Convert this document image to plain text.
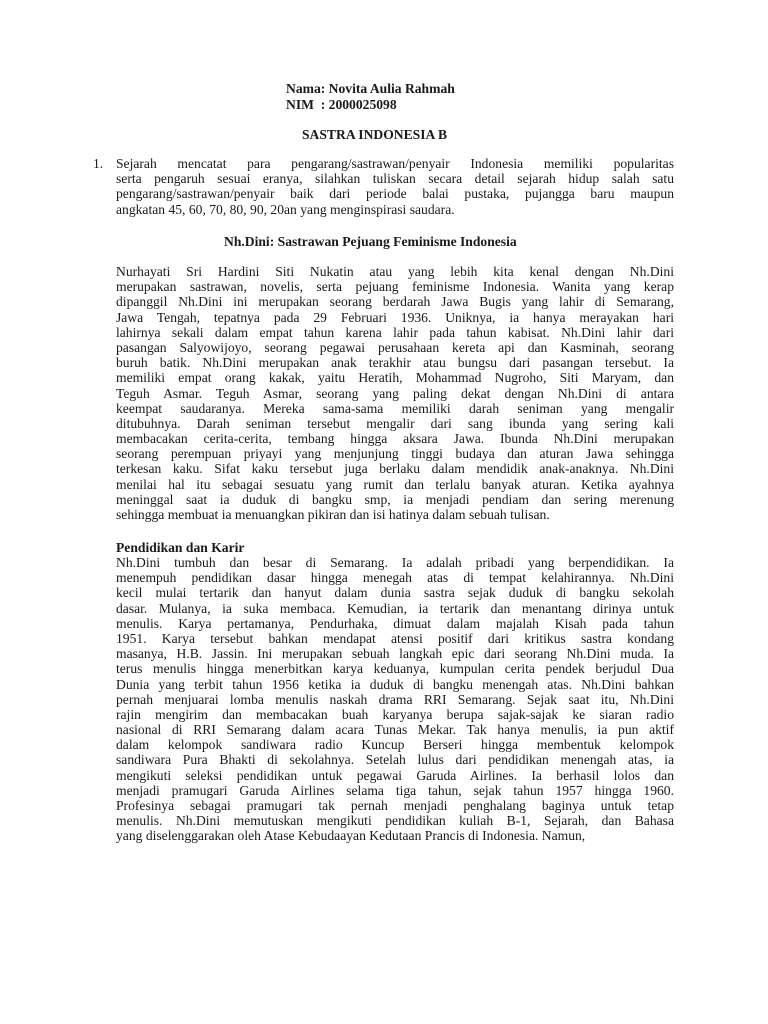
Nama: Novita Aulia Rahmah
NIM  : 2000025098
SASTRA INDONESIA B
1. Sejarah mencatat para pengarang/sastrawan/penyair Indonesia memiliki popularitas
serta pengaruh sesuai eranya, silahkan tuliskan secara detail sejarah hidup salah satu
pengarang/sastrawan/penyair baik dari periode balai pustaka, pujangga baru maupun
angkatan 45, 60, 70, 80, 90, 20an yang menginspirasi saudara.
Nh.Dini: Sastrawan Pejuang Feminisme Indonesia
Nurhayati Sri Hardini Siti Nukatin atau yang lebih kita kenal dengan Nh.Dini
merupakan sastrawan, novelis, serta pejuang feminisme Indonesia. Wanita yang kerap
dipanggil Nh.Dini ini merupakan seorang berdarah Jawa Bugis yang lahir di Semarang,
Jawa Tengah, tepatnya pada 29 Februari 1936. Uniknya, ia hanya merayakan hari
lahirnya sekali dalam empat tahun karena lahir pada tahun kabisat. Nh.Dini lahir dari
pasangan Salyowijoyo, seorang pegawai perusahaan kereta api dan Kasminah, seorang
buruh batik. Nh.Dini merupakan anak terakhir atau bungsu dari pasangan tersebut. Ia
memiliki empat orang kakak, yaitu Heratih, Mohammad Nugroho, Siti Maryam, dan
Teguh Asmar. Teguh Asmar, seorang yang paling dekat dengan Nh.Dini di antara
keempat saudaranya. Mereka sama-sama memiliki darah seniman yang mengalir
ditubuhnya. Darah seniman tersebut mengalir dari sang ibunda yang sering kali
membacakan cerita-cerita, tembang hingga aksara Jawa. Ibunda Nh.Dini merupakan
seorang perempuan priyayi yang menjunjung tinggi budaya dan aturan Jawa sehingga
terkesan kaku. Sifat kaku tersebut juga berlaku dalam mendidik anak-anaknya. Nh.Dini
menilai hal itu sebagai sesuatu yang rumit dan terlalu banyak aturan. Ketika ayahnya
meninggal saat ia duduk di bangku smp, ia menjadi pendiam dan sering merenung
sehingga membuat ia menuangkan pikiran dan isi hatinya dalam sebuah tulisan.
Pendidikan dan Karir
Nh.Dini tumbuh dan besar di Semarang. Ia adalah pribadi yang berpendidikan. Ia
menempuh pendidikan dasar hingga menegah atas di tempat kelahirannya. Nh.Dini
kecil mulai tertarik dan hanyut dalam dunia sastra sejak duduk di bangku sekolah
dasar. Mulanya, ia suka membaca. Kemudian, ia tertarik dan menantang dirinya untuk
menulis. Karya pertamanya, Pendurhaka, dimuat dalam majalah Kisah pada tahun
1951. Karya tersebut bahkan mendapat atensi positif dari kritikus sastra kondang
masanya, H.B. Jassin. Ini merupakan sebuah langkah epic dari seorang Nh.Dini muda. Ia
terus menulis hingga menerbitkan karya keduanya, kumpulan cerita pendek berjudul Dua
Dunia yang terbit tahun 1956 ketika ia duduk di bangku menengah atas. Nh.Dini bahkan
pernah menjuarai lomba menulis naskah drama RRI Semarang. Sejak saat itu, Nh.Dini
rajin mengirim dan membacakan buah karyanya berupa sajak-sajak ke siaran radio
nasional di RRI Semarang dalam acara Tunas Mekar. Tak hanya menulis, ia pun aktif
dalam kelompok sandiwara radio Kuncup Berseri hingga membentuk kelompok
sandiwara Pura Bhakti di sekolahnya. Setelah lulus dari pendidikan menengah atas, ia
mengikuti seleksi pendidikan untuk pegawai Garuda Airlines. Ia berhasil lolos dan
menjadi pramugari Garuda Airlines selama tiga tahun, sejak tahun 1957 hingga 1960.
Profesinya sebagai pramugari tak pernah menjadi penghalang baginya untuk tetap
menulis. Nh.Dini memutuskan mengikuti pendidikan kuliah B-1, Sejarah, dan Bahasa
yang diselenggarakan oleh Atase Kebudaayan Kedutaan Prancis di Indonesia. Namun,
